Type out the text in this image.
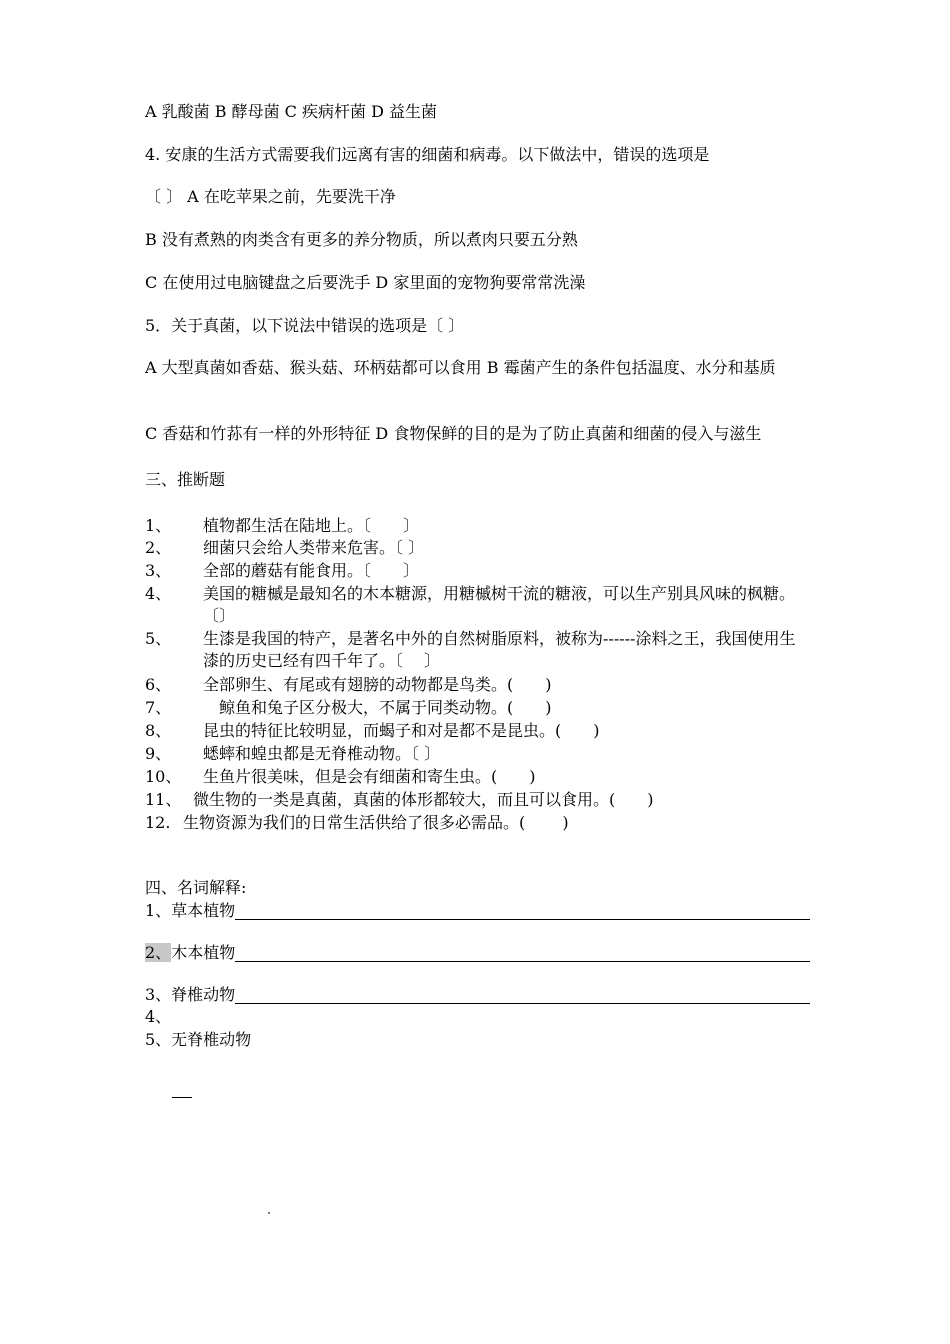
A 乳酸菌 B 酵母菌 C 疾病杆菌 D 益生菌
4. 安康的生活方式需要我们远离有害的细菌和病毒。以下做法中，错误的选项是
〔 〕 A 在吃苹果之前，先要洗干净
B 没有煮熟的肉类含有更多的养分物质，所以煮肉只要五分熟
C 在使用过电脑键盘之后要洗手 D 家里面的宠物狗要常常洗澡
5．关于真菌，以下说法中错误的选项是〔 〕
A 大型真菌如香菇、猴头菇、环柄菇都可以食用 B 霉菌产生的条件包括温度、水分和基质
C 香菇和竹荪有一样的外形特征 D 食物保鲜的目的是为了防止真菌和细菌的侵入与滋生
三、推断题
1、 植物都生活在陆地上。〔　　〕
2、 细菌只会给人类带来危害。〔 〕
3、 全部的蘑菇有能食用。〔　　〕
4、 美国的糖槭是最知名的木本糖源，用糖槭树干流的糖液，可以生产别具风味的枫糖。〔〕
5、 生漆是我国的特产，是著名中外的自然树脂原料，被称为------涂料之王，我国使用生漆的历史已经有四千年了。〔　 〕
6、 全部卵生、有尾或有翅膀的动物都是鸟类。(　　)
7、　鲸鱼和兔子区分极大，不属于同类动物。(　　)
8、 昆虫的特征比较明显，而蝎子和对是都不是昆虫。(　　)
9、 蟋蟀和蝗虫都是无脊椎动物。〔 〕
10、 生鱼片很美味，但是会有细菌和寄生虫。(　　)
11、 微生物的一类是真菌，真菌的体形都较大，而且可以食用。(　　)
12. 生物资源为我们的日常生活供给了很多必需品。(　　 )
四、名词解释:
1、草本植物
2、木本植物
3、脊椎动物
4、
5、无脊椎动物
